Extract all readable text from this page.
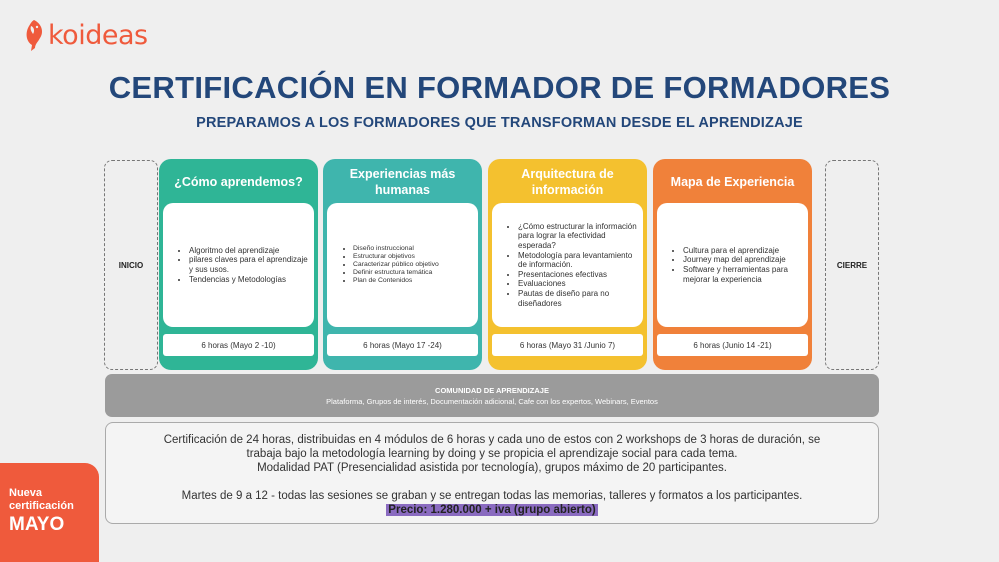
koideas
CERTIFICACIÓN EN FORMADOR DE FORMADORES
PREPARAMOS A LOS FORMADORES QUE TRANSFORMAN DESDE EL APRENDIZAJE
INICIO
¿Cómo aprendemos?
• Algoritmo del aprendizaje
• pilares claves para el aprendizaje y sus usos.
• Tendencias y Metodologías
6 horas (Mayo 2 -10)
Experiencias más humanas
• Diseño instruccional
• Estructurar objetivos
• Caracterizar público objetivo
• Definir estructura temática
• Plan de Contenidos
6 horas (Mayo 17 -24)
Arquitectura de información
• ¿Cómo estructurar la información para lograr la efectividad esperada?
• Metodología para levantamiento de información.
• Presentaciones efectivas
• Evaluaciones
• Pautas de diseño para no diseñadores
6 horas (Mayo 31 /Junio 7)
Mapa de Experiencia
• Cultura para el aprendizaje
• Journey map del aprendizaje
• Software y herramientas para mejorar la experiencia
6 horas (Junio 14 -21)
CIERRE
COMUNIDAD DE APRENDIZAJE
Plataforma, Grupos de interés, Documentación adicional, Cafe con los expertos, Webinars, Eventos

Certificación de 24 horas, distribuidas en 4 módulos de 6 horas y cada uno de estos con 2 workshops de 3 horas de duración, se

trabaja bajo la metodología learning by doing y se propicia el aprendizaje social para cada tema.

Modalidad PAT (Presencialidad asistida por tecnología), grupos máximo de 20 participantes.

Martes de 9 a 12 - todas las sesiones se graban y se entregan todas las memorias, talleres y formatos a los participantes.

Precio: 1.280.000 + iva (grupo abierto)

Nueva
certificación
MAYO
